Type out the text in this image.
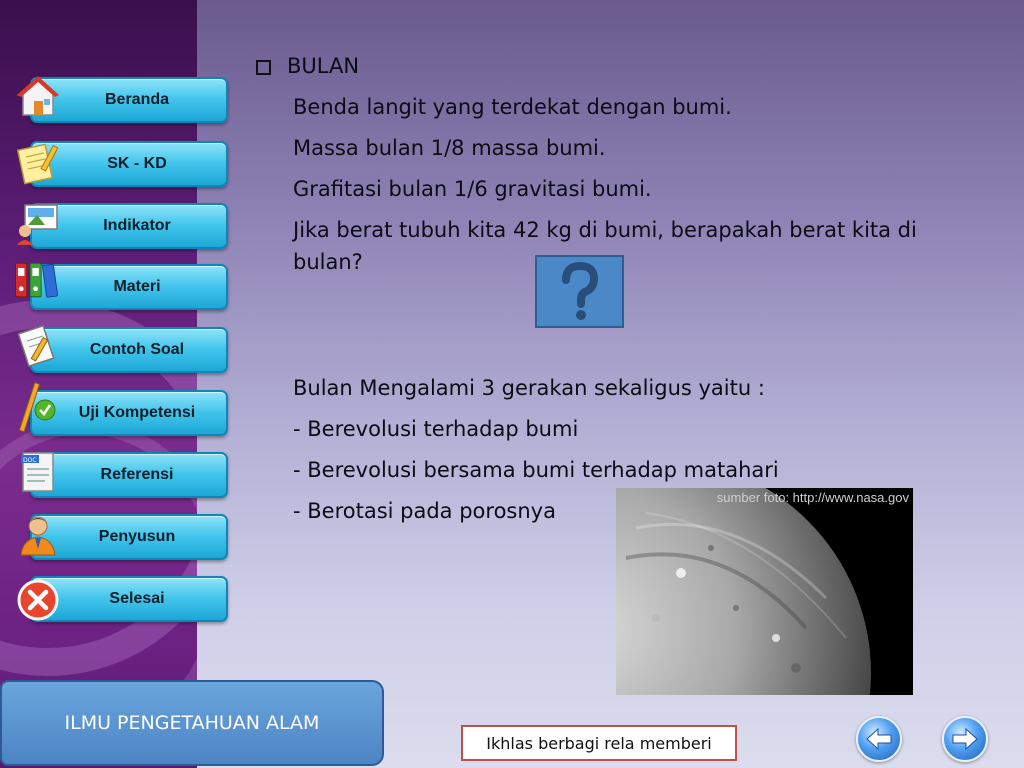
Beranda
SK - KD
Indikator
Materi
Contoh Soal
Uji Kompetensi
Referensi
Penyusun
Selesai
DOC
BULAN
Benda langit yang terdekat dengan bumi.
Massa bulan 1/8 massa bumi.
Grafitasi bulan 1/6 gravitasi bumi.
Jika berat tubuh kita 42 kg di bumi, berapakah berat kita di bulan?
Bulan Mengalami 3 gerakan sekaligus yaitu :
- Berevolusi terhadap bumi
- Berevolusi bersama bumi terhadap matahari
- Berotasi pada porosnya
sumber foto: http://www.nasa.gov
ILMU PENGETAHUAN ALAM
Ikhlas berbagi rela memberi
